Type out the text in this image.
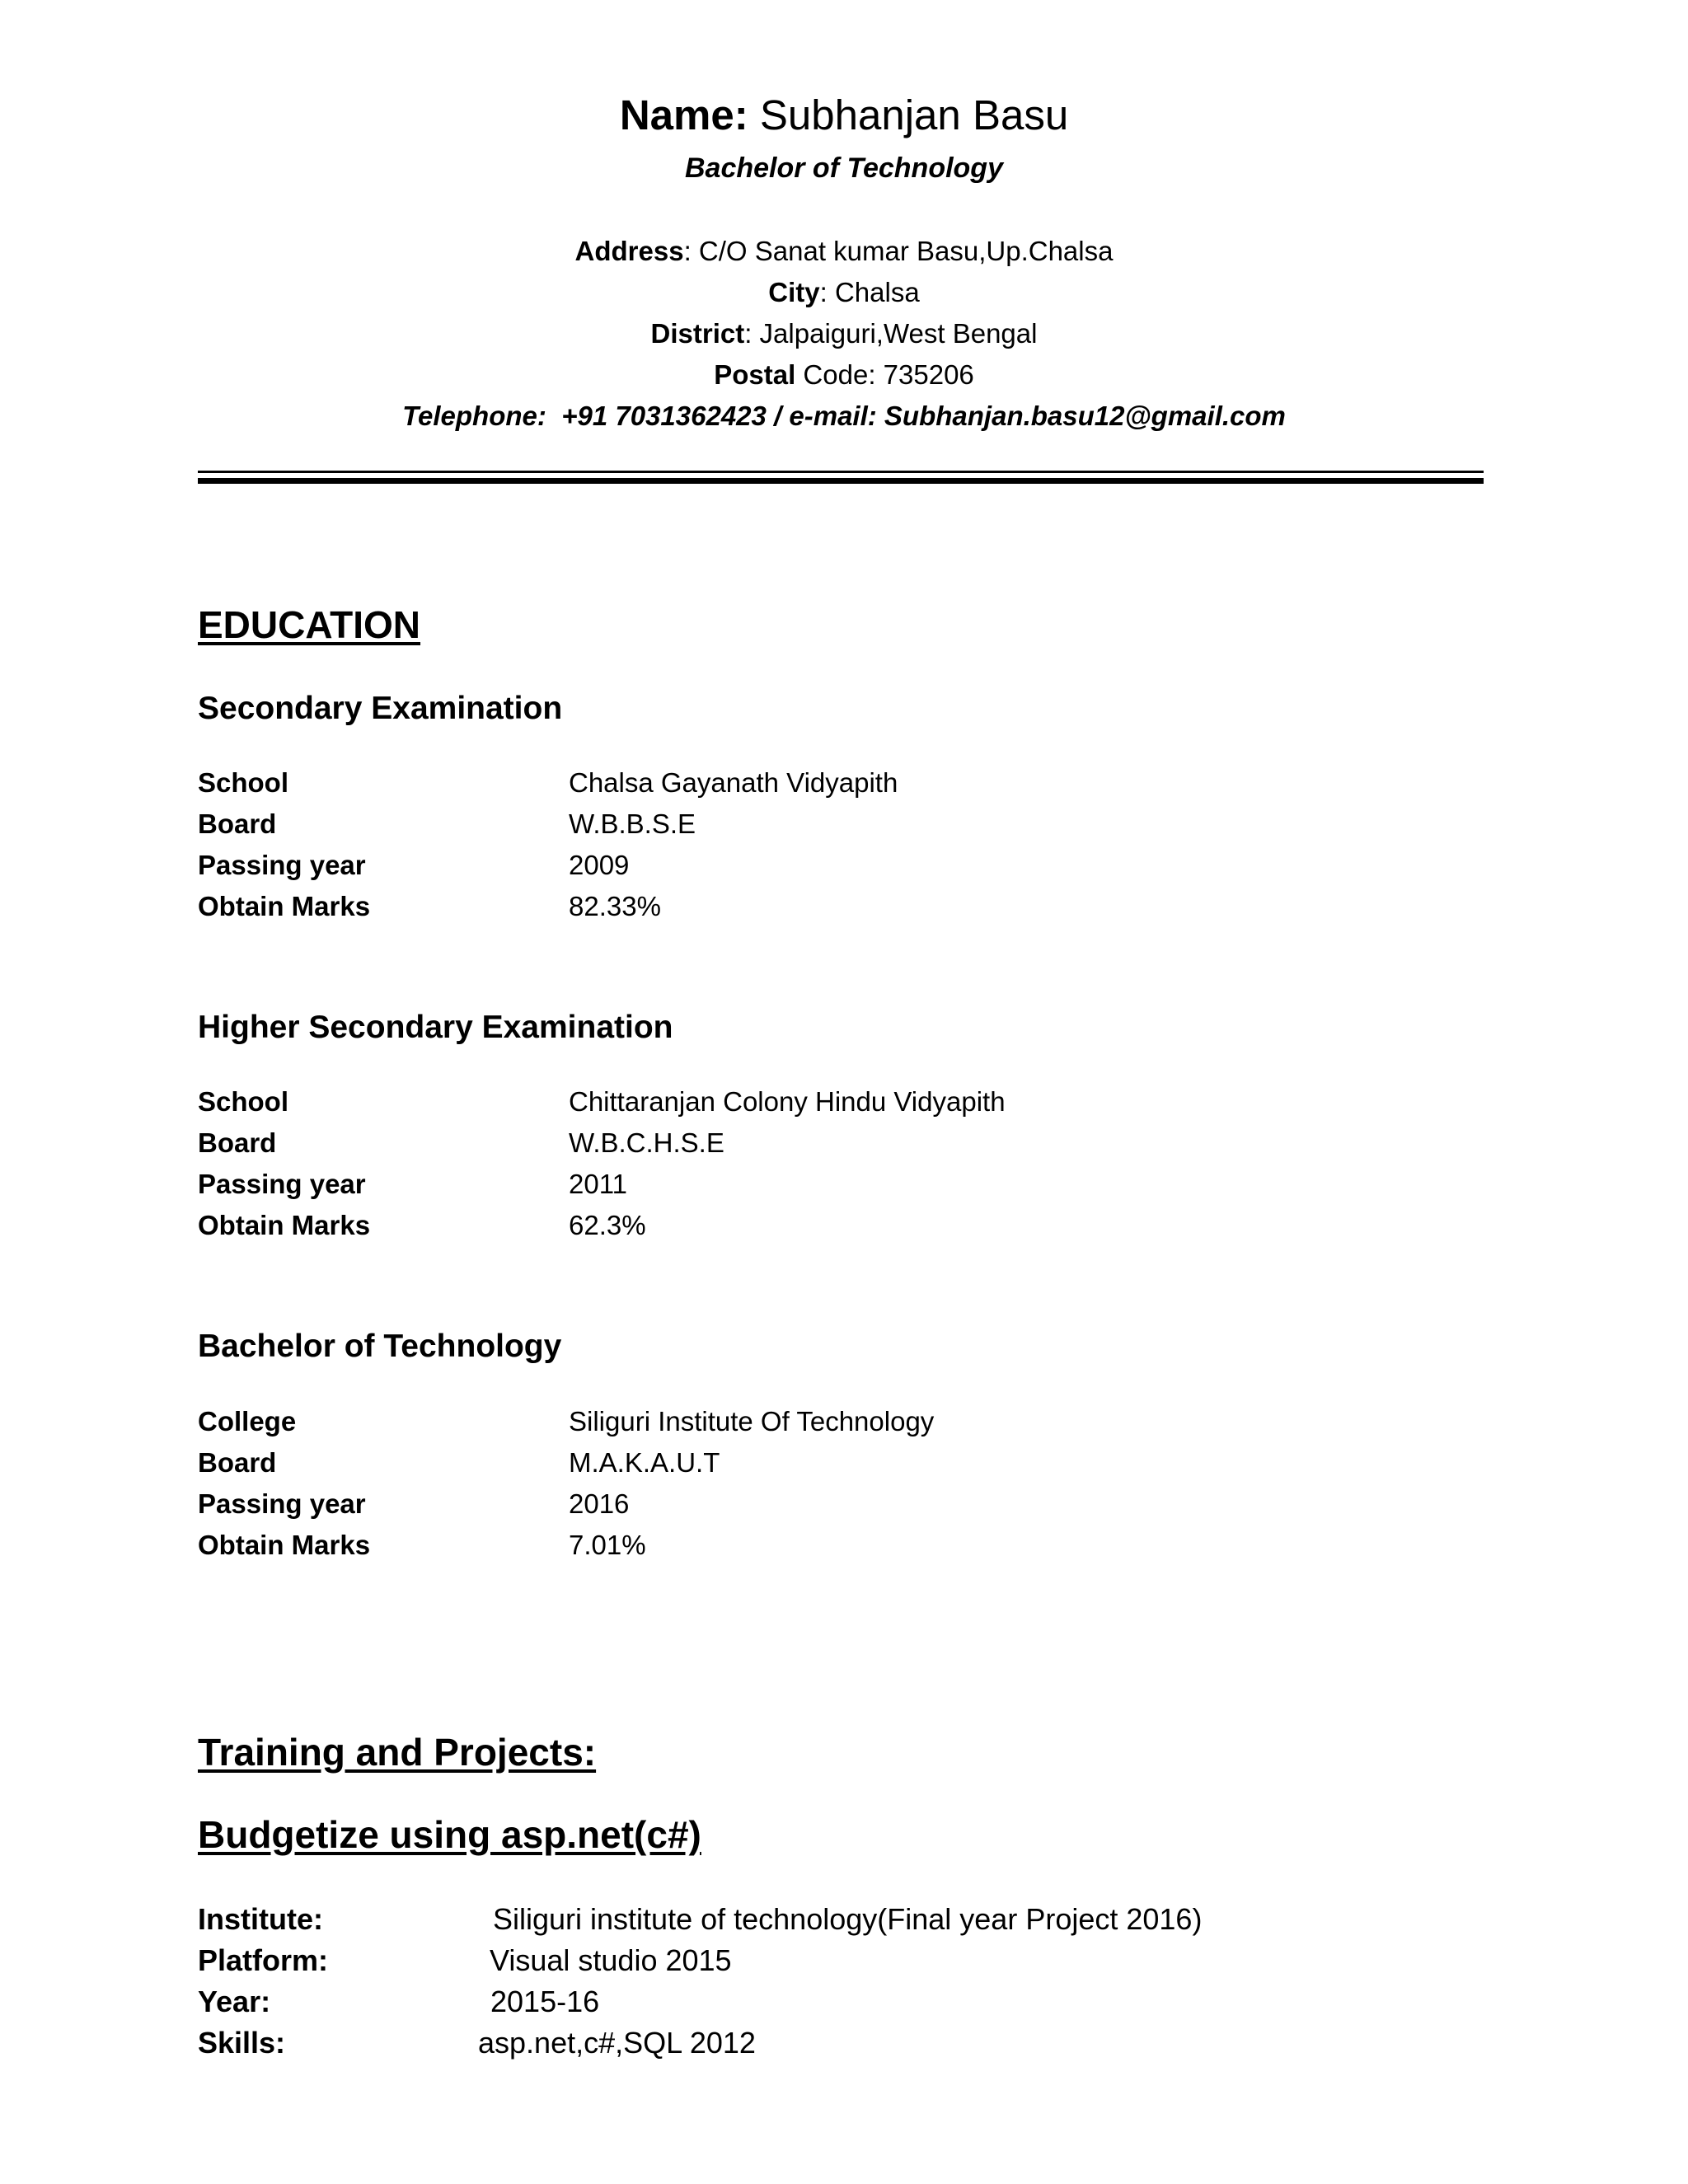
Name: Subhanjan Basu
Bachelor of Technology
Address: C/O Sanat kumar Basu,Up.Chalsa
City: Chalsa
District: Jalpaiguri,West Bengal
Postal Code: 735206
Telephone:  +91 7031362423 / e-mail: Subhanjan.basu12@gmail.com
EDUCATION
Secondary Examination
School	Chalsa Gayanath Vidyapith
Board	W.B.B.S.E
Passing year	2009
Obtain Marks	82.33%
Higher Secondary Examination
School	Chittaranjan Colony Hindu Vidyapith
Board	W.B.C.H.S.E
Passing year	2011
Obtain Marks	62.3%
Bachelor of Technology
College	Siliguri Institute Of Technology
Board	M.A.K.A.U.T
Passing year	2016
Obtain Marks	7.01%
Training and Projects:
Budgetize using asp.net(c#)
Institute:	Siliguri institute of technology(Final year Project 2016)
Platform:	Visual studio 2015
Year:	2015-16
Skills:	asp.net,c#,SQL 2012
